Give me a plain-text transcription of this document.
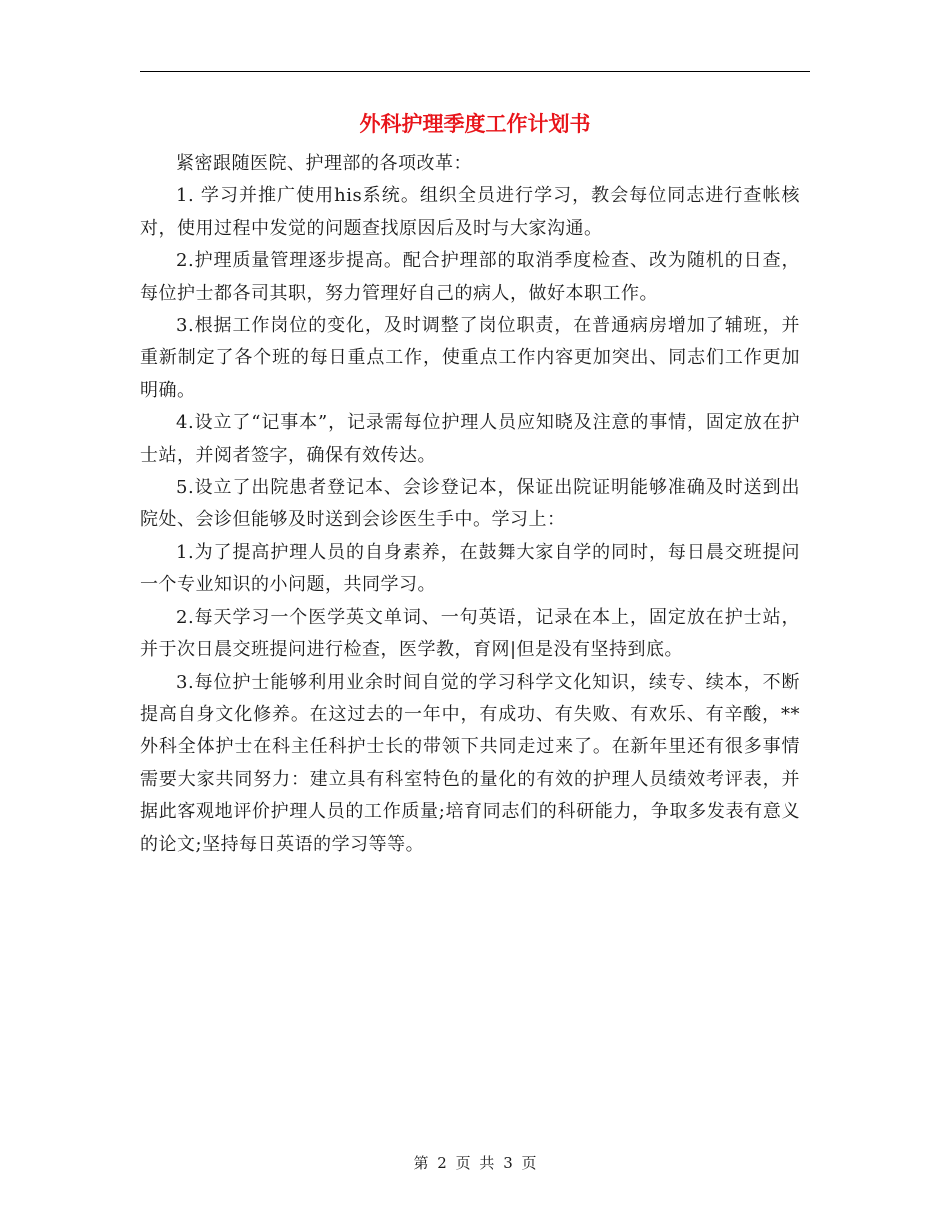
外科护理季度工作计划书

紧密跟随医院、护理部的各项改革：

1. 学习并推广使用his系统。组织全员进行学习，教会每位同志进行查帐核对，使用过程中发觉的问题查找原因后及时与大家沟通。

2.护理质量管理逐步提高。配合护理部的取消季度检查、改为随机的日查，每位护士都各司其职，努力管理好自己的病人，做好本职工作。

3.根据工作岗位的变化，及时调整了岗位职责，在普通病房增加了辅班，并重新制定了各个班的每日重点工作，使重点工作内容更加突出、同志们工作更加明确。

4.设立了“记事本”，记录需每位护理人员应知晓及注意的事情，固定放在护士站，并阅者签字，确保有效传达。

5.设立了出院患者登记本、会诊登记本，保证出院证明能够准确及时送到出院处、会诊但能够及时送到会诊医生手中。学习上：

1.为了提高护理人员的自身素养，在鼓舞大家自学的同时，每日晨交班提问一个专业知识的小问题，共同学习。

2.每天学习一个医学英文单词、一句英语，记录在本上，固定放在护士站，并于次日晨交班提问进行检查，医学教，育网|但是没有坚持到底。

3.每位护士能够利用业余时间自觉的学习科学文化知识，续专、续本，不断提高自身文化修养。在这过去的一年中，有成功、有失败、有欢乐、有辛酸，**外科全体护士在科主任科护士长的带领下共同走过来了。在新年里还有很多事情需要大家共同努力：建立具有科室特色的量化的有效的护理人员绩效考评表，并据此客观地评价护理人员的工作质量;培育同志们的科研能力，争取多发表有意义的论文;坚持每日英语的学习等等。

第 2 页 共 3 页
